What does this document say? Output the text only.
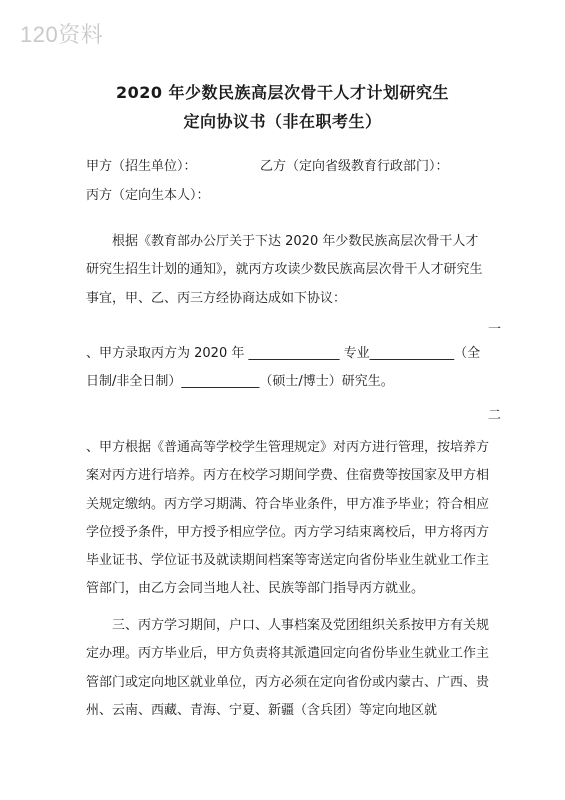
120资料
2020 年少数民族高层次骨干人才计划研究生
定向协议书（非在职考生）
甲方（招生单位）：	乙方（定向省级教育行政部门）：
丙方（定向生本人）：
根据《教育部办公厅关于下达 2020 年少数民族高层次骨干人才研究生招生计划的通知》，就丙方攻读少数民族高层次骨干人才研究生事宜，甲、乙、丙三方经协商达成如下协议：
一
、甲方录取丙方为 2020 年 ______________ 专业_____________（全日制/非全日制）____________（硕士/博士）研究生。
二
、甲方根据《普通高等学校学生管理规定》对丙方进行管理，按培养方案对丙方进行培养。丙方在校学习期间学费、住宿费等按国家及甲方相关规定缴纳。丙方学习期满、符合毕业条件，甲方准予毕业；符合相应学位授予条件，甲方授予相应学位。丙方学习结束离校后，甲方将丙方毕业证书、学位证书及就读期间档案等寄送定向省份毕业生就业工作主管部门，由乙方会同当地人社、民族等部门指导丙方就业。
三、丙方学习期间，户口、人事档案及党团组织关系按甲方有关规定办理。丙方毕业后，甲方负责将其派遣回定向省份毕业生就业工作主管部门或定向地区就业单位，丙方必须在定向省份或内蒙古、广西、贵州、云南、西藏、青海、宁夏、新疆（含兵团）等定向地区就
